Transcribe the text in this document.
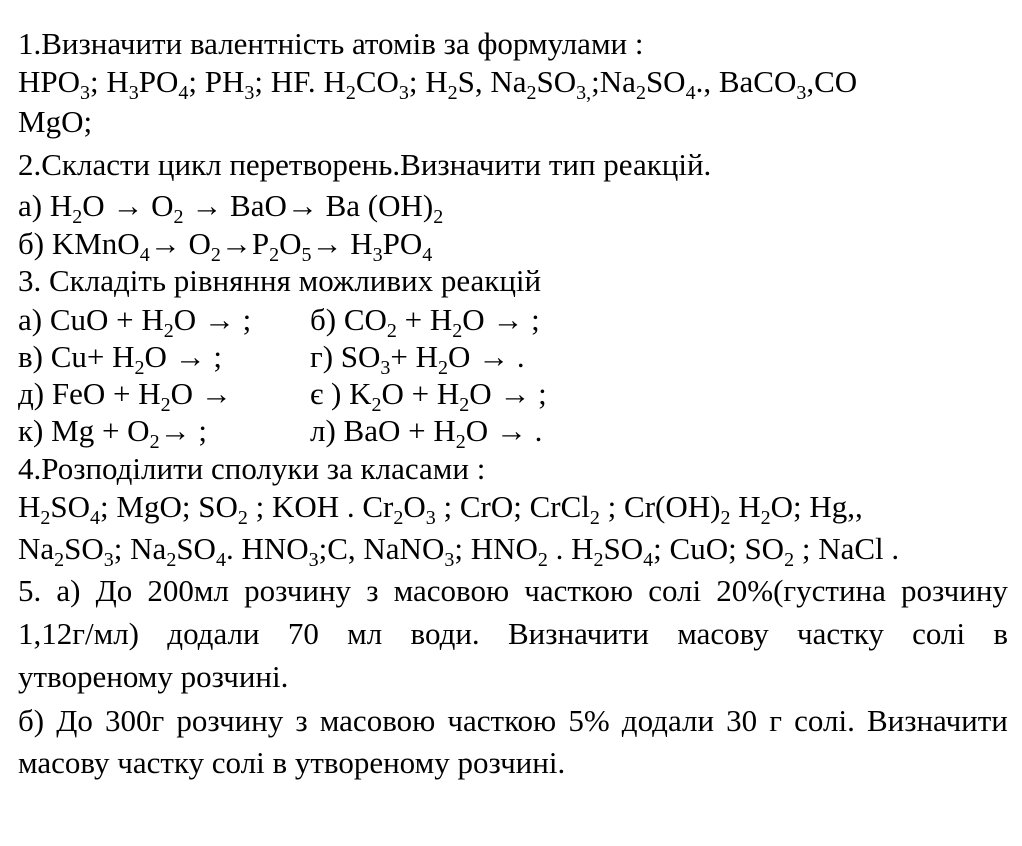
1.Визначити валентність атомів за формулами :
$HPO_3$; $H_3PO_4$; $PH_3$; HF. $H_2CO_3$; $H_2S$, $Na_2SO_{3,};Na_2SO_4$., BaCO$_3$,CO
MgO;
2.Скласти цикл перетворень.Визначити тип реакцій.
а) $H_2O \to O_2 \to BaO\to Ba$ $(OH)_2$
б) KMnO$_4$→ $O_2\to P_2O_5\to H_3PO_4$
3. Складіть рівняння можливих реакцій
а) CuO + $H_2O$ → ; б) $CO_2 + H_2O$ → ;
в) $Cu+ H_2O$ → ;	г) $SO_3+ H_2O$ → .
д) FeO + $H_2O$ →	є ) $K_2O + H_2O$ → ;
к) $Mg + O_2\to$ ;	л) BaO + $H_2O$ → .
4.Розподілити сполуки за класами :
$H_2SO_4$; MgO; $SO_2$ ; KOH . $Cr_2O_3$ ; CrO; CrCl$_2$ ; $Cr(OH)_2$ $H_2O$; Hg,,
$Na_2SO_3$; $Na_2SO_4$. $HNO_3;C$, NaNO$_3$; $HNO_2$ . $H_2SO_4$; CuO; $SO_2$ ; NaCl .
5. а) До 200мл розчину з масовою часткою солі 20%(густина розчину
1,12г/мл) додали 70 мл води. Визначити масову частку солі в
утвореному розчині.
б) До 300г розчину з масовою часткою 5% додали 30 г солі. Визначити
масову частку солі в утвореному розчині.
